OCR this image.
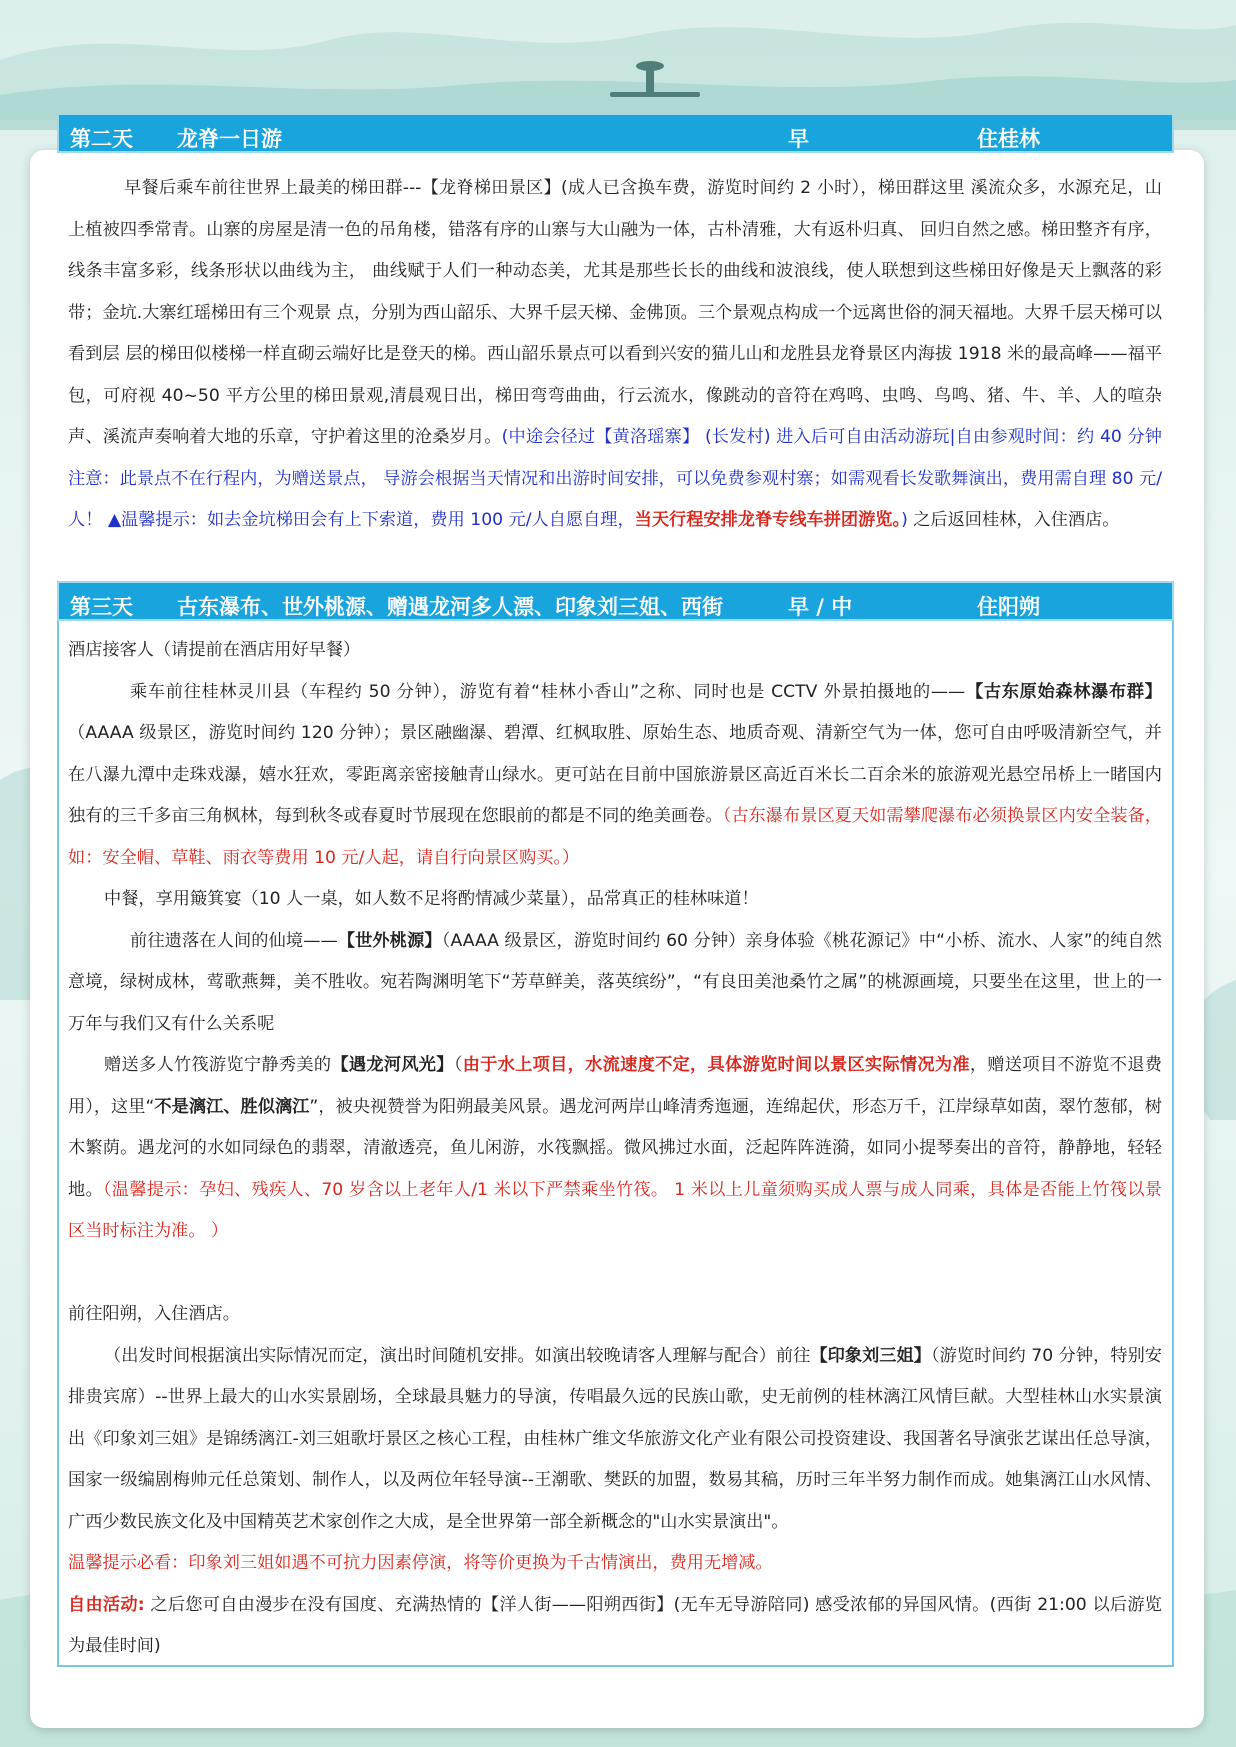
第二天 龙脊一日游	早	住桂林

早餐后乘车前往世界上最美的梯田群---【龙脊梯田景区】(成人已含换车费，游览时间约 2 小时），梯田群这里 溪流众多，水源充足，山上植被四季常青。山寨的房屋是清一色的吊角楼，错落有序的山寨与大山融为一体，古朴清雅，大有返朴归真、 回归自然之感。梯田整齐有序，线条丰富多彩，线条形状以曲线为主， 曲线赋于人们一种动态美，尤其是那些长长的曲线和波浪线，使人联想到这些梯田好像是天上飘落的彩带；金坑.大寨红瑶梯田有三个观景 点，分别为西山韶乐、大界千层天梯、金佛顶。三个景观点构成一个远离世俗的洞天福地。大界千层天梯可以看到层 层的梯田似楼梯一样直砌云端好比是登天的梯。西山韶乐景点可以看到兴安的猫儿山和龙胜县龙脊景区内海拔 1918 米的最高峰——福平包，可府视 40~50 平方公里的梯田景观,清晨观日出，梯田弯弯曲曲，行云流水，像跳动的音符在鸡鸣、虫鸣、鸟鸣、猪、牛、羊、人的喧杂声、溪流声奏响着大地的乐章，守护着这里的沧桑岁月。(中途会径过【黄洛瑶寨】 (长发村) 进入后可自由活动游玩|自由参观时间：约 40 分钟注意：此景点不在行程内，为赠送景点， 导游会根据当天情况和出游时间安排，可以免费参观村寨；如需观看长发歌舞演出，费用需自理 80 元/人！ ▲温馨提示：如去金坑梯田会有上下索道，费用 100 元/人自愿自理，当天行程安排龙脊专线车拼团游览。) 之后返回桂林，入住酒店。

第三天 古东瀑布、世外桃源、赠遇龙河多人漂、印象刘三姐、西街	早 / 中	住阳朔

酒店接客人（请提前在酒店用好早餐）

乘车前往桂林灵川县（车程约 50 分钟），游览有着“桂林小香山”之称、同时也是 CCTV 外景拍摄地的——【古东原始森林瀑布群】（AAAA 级景区，游览时间约 120 分钟）；景区融幽瀑、碧潭、红枫取胜、原始生态、地质奇观、清新空气为一体，您可自由呼吸清新空气，并在八瀑九潭中走珠戏瀑，嬉水狂欢，零距离亲密接触青山绿水。更可站在目前中国旅游景区高近百米长二百余米的旅游观光悬空吊桥上一睹国内独有的三千多亩三角枫林，每到秋冬或春夏时节展现在您眼前的都是不同的绝美画卷。（古东瀑布景区夏天如需攀爬瀑布必须换景区内安全装备，如：安全帽、草鞋、雨衣等费用 10 元/人起，请自行向景区购买。）

中餐，享用簸箕宴（10 人一桌，如人数不足将酌情减少菜量），品常真正的桂林味道！

前往遗落在人间的仙境——【世外桃源】（AAAA 级景区，游览时间约 60 分钟）亲身体验《桃花源记》中“小桥、流水、人家”的纯自然意境，绿树成林，莺歌燕舞，美不胜收。宛若陶渊明笔下“芳草鲜美，落英缤纷”，“有良田美池桑竹之属”的桃源画境，只要坐在这里，世上的一万年与我们又有什么关系呢

赠送多人竹筏游览宁静秀美的【遇龙河风光】（由于水上项目，水流速度不定，具体游览时间以景区实际情况为准，赠送项目不游览不退费用），这里“不是漓江、胜似漓江”，被央视赞誉为阳朔最美风景。遇龙河两岸山峰清秀迤逦，连绵起伏，形态万千，江岸绿草如茵，翠竹葱郁，树木繁荫。遇龙河的水如同绿色的翡翠，清澈透亮，鱼儿闲游，水筏飘摇。微风拂过水面，泛起阵阵涟漪，如同小提琴奏出的音符，静静地，轻轻地。（温馨提示：孕妇、残疾人、70 岁含以上老年人/1 米以下严禁乘坐竹筏。 1 米以上儿童须购买成人票与成人同乘，具体是否能上竹筏以景区当时标注为准。 ）

前往阳朔，入住酒店。

（出发时间根据演出实际情况而定，演出时间随机安排。如演出较晚请客人理解与配合）前往【印象刘三姐】（游览时间约 70 分钟，特别安排贵宾席）--世界上最大的山水实景剧场，全球最具魅力的导演，传唱最久远的民族山歌，史无前例的桂林漓江风情巨献。大型桂林山水实景演出《印象刘三姐》是锦绣漓江-刘三姐歌圩景区之核心工程，由桂林广维文华旅游文化产业有限公司投资建设、我国著名导演张艺谋出任总导演，国家一级编剧梅帅元任总策划、制作人，以及两位年轻导演--王潮歌、樊跃的加盟，数易其稿，历时三年半努力制作而成。她集漓江山水风情、广西少数民族文化及中国精英艺术家创作之大成，是全世界第一部全新概念的"山水实景演出"。

温馨提示必看：印象刘三姐如遇不可抗力因素停演，将等价更换为千古情演出，费用无增减。

自由活动: 之后您可自由漫步在没有国度、充满热情的【洋人街——阳朔西街】(无车无导游陪同) 感受浓郁的异国风情。(西街 21:00 以后游览为最佳时间)
